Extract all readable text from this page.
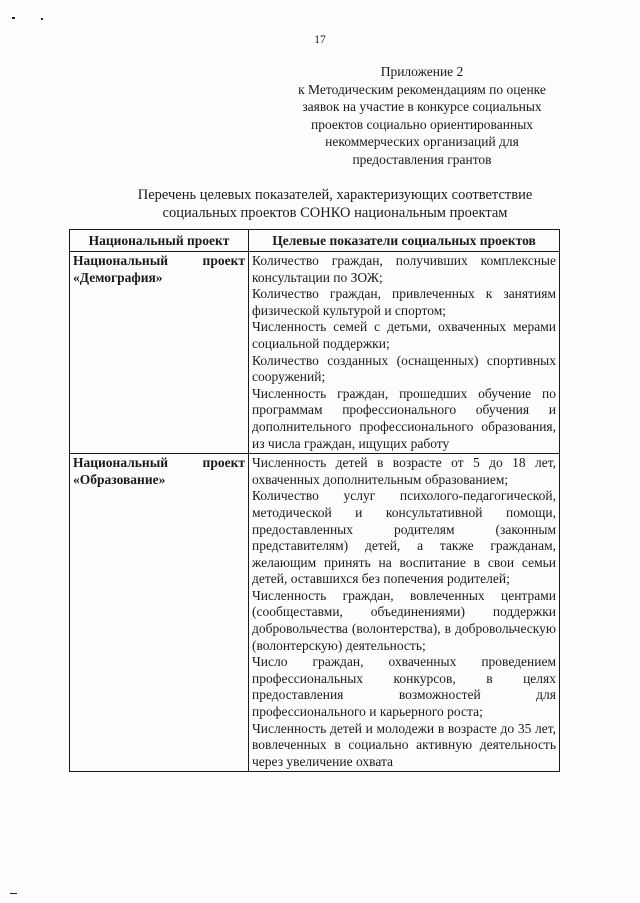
17
Приложение 2
к Методическим рекомендациям по оценке
заявок на участие в конкурсе социальных
проектов социально ориентированных
некоммерческих организаций для
предоставления грантов
Перечень целевых показателей, характеризующих соответствие
социальных проектов СОНКО национальным проектам
Национальный проект	Целевые показатели социальных проектов
Национальный проект «Демография»	Количество граждан, получивших комплексные консультации по ЗОЖ;
Количество граждан, привлеченных к занятиям физической культурой и спортом;
Численность семей с детьми, охваченных мерами социальной поддержки;
Количество созданных (оснащенных) спортивных сооружений;
Численность граждан, прошедших обучение по программам профессионального обучения и дополнительного профессионального образования, из числа граждан, ищущих работу

Национальный проект «Образование»	Численность детей в возрасте от 5 до 18 лет, охваченных дополнительным образованием;
Количество услуг психолого-педагогической, методической и консультативной помощи, предоставленных родителям (законным представителям) детей, а также гражданам, желающим принять на воспитание в свои семьи детей, оставшихся без попечения родителей;
Численность граждан, вовлеченных центрами (сообщеставми, объединениями) поддержки добровольчества (волонтерства), в добровольческую (волонтерскую) деятельность;
Число граждан, охваченных проведением профессиональных конкурсов, в целях предоставления возможностей для профессионального и карьерного роста;
Численность детей и молодежи в возрасте до 35 лет, вовлеченных в социально активную деятельность через увеличение охвата
